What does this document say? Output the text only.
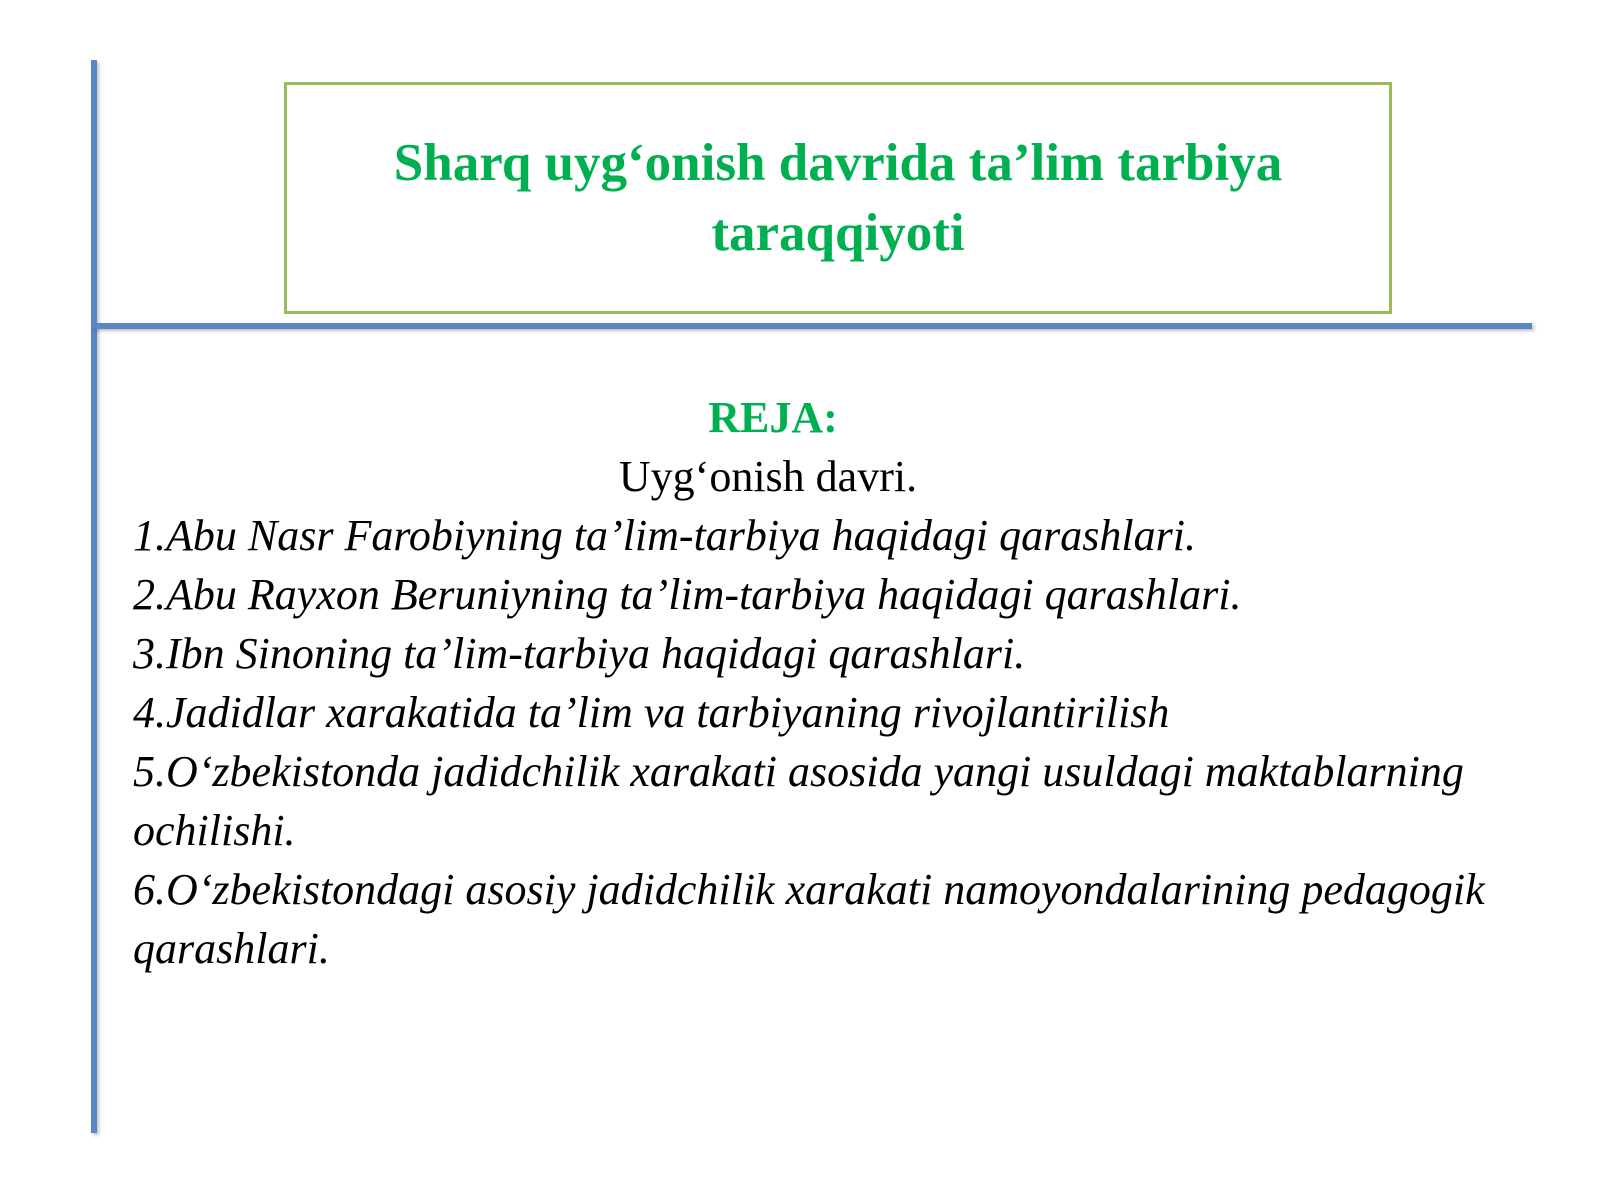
Sharq uyg‘onish davrida ta’lim tarbiya taraqqiyoti

REJA:

Uyg‘onish davri.

1.Abu Nasr Farobiyning ta’lim-tarbiya haqidagi qarashlari.
2.Abu Rayxon Beruniyning ta’lim-tarbiya haqidagi qarashlari.
3.Ibn Sinoning ta’lim-tarbiya haqidagi qarashlari.
4.Jadidlar xarakatida ta’lim va tarbiyaning rivojlantirilish
5.O‘zbekistonda jadidchilik xarakati asosida yangi usuldagi maktablarning ochilishi.
6.O‘zbekistondagi asosiy jadidchilik xarakati namoyondalarining pedagogik     qarashlari.
